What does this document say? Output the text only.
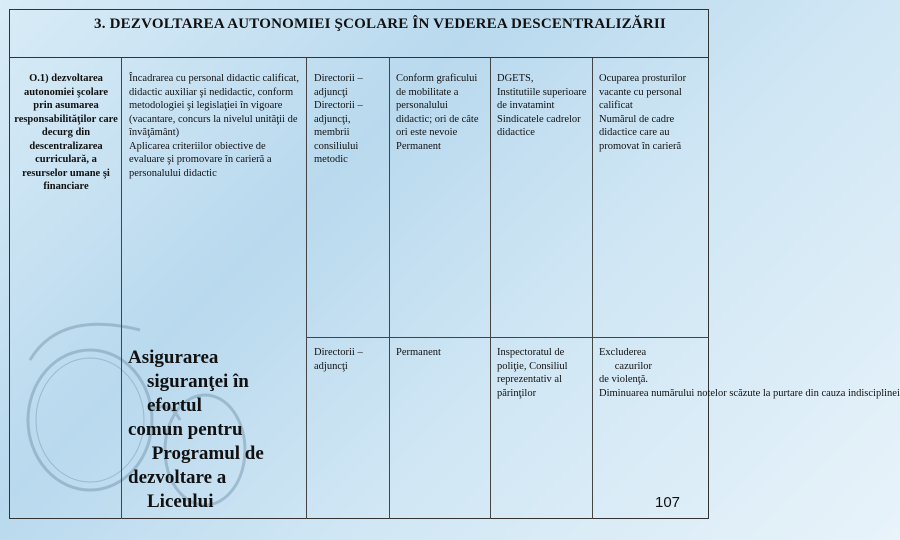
3. DEZVOLTAREA AUTONOMIEI ŞCOLARE ÎN VEDEREA DESCENTRALIZĂRII
O.1) dezvoltarea autonomiei şcolare prin asumarea responsabilităţilor care decurg din descentralizarea curriculară, a resurselor umane şi financiare
Încadrarea cu personal didactic calificat, didactic auxiliar şi nedidactic, conform metodologiei şi legislaţiei în vigoare (vacantare, concurs la nivelul unităţii de învăţământ)
Aplicarea criteriilor obiective de evaluare şi promovare în carieră a personalului didactic
Directorii – adjuncţi
Directorii – adjuncţi, membrii consiliului metodic
Conform graficului de mobilitate a personalului didactic; ori de câte ori este nevoie
Permanent
DGETS,
Institutiile superioare de invatamint
Sindicatele cadrelor didactice
Ocuparea prosturilor vacante cu personal calificat
Numărul de cadre didactice care au promovat în carieră
Asigurarea
siguranţei în
efortul
comun pentru
Programul de
dezvoltare a
Liceului
Directorii – adjuncţi
Permanent	Inspectoratul de poliţie, Consiliul reprezentativ al părinţilor
Excluderea
cazurilor
de violenţă.
Diminuarea numărului notelor scăzute la purtare din cauza indisciplinei
107
